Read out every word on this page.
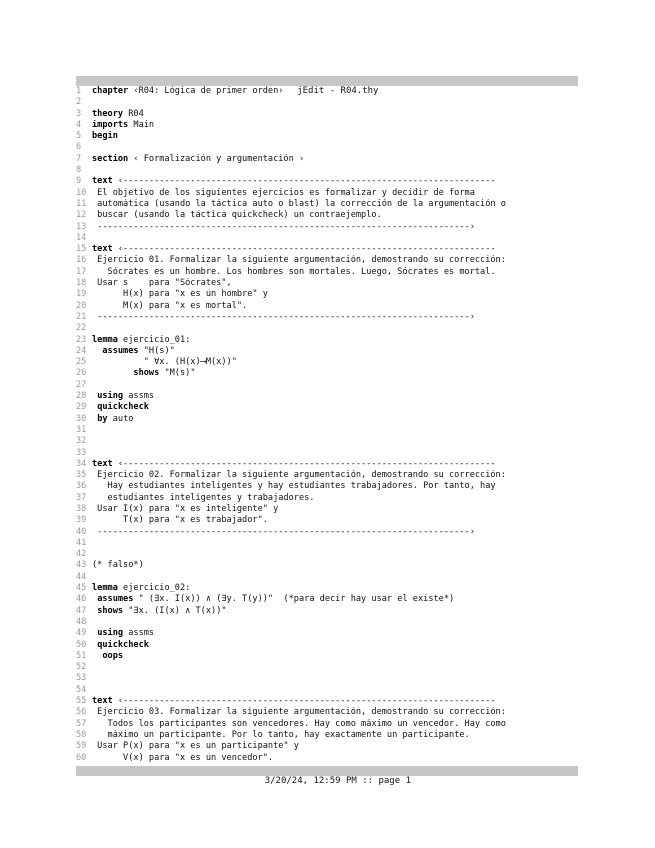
jEdit - R04.thy

1	chapter ‹R04: Lógica de primer orden›
2
3	theory R04
4	imports Main
5	begin
6
7	section ‹ Formalización y argumentación ›
8
9	text ‹------------------------------------------------------------------------
10 El objetivo de los siguientes ejercicios es formalizar y decidir de forma
11 automática (usando la táctica auto o blast) la corrección de la argumentación o
12 buscar (usando la táctica quickcheck) un contraejemplo.
13 ------------------------------------------------------------------------›
14
15 text ‹------------------------------------------------------------------------
16 Ejercicio 01. Formalizar la siguiente argumentación, demostrando su corrección:
17 Sócrates es un hombre. Los hombres son mortales. Luego, Sócrates es mortal.
18 Usar s    para "Sócrates",
19 H(x) para "x es un hombre" y
20 M(x) para "x es mortal".
21 ------------------------------------------------------------------------›
22
23 lemma ejercicio_01:
24	assumes "H(s)"
25 " ∀x. (H(x)⟶M(x))"
26	shows "M(s)"
27
28	using assms
29	quickcheck
30	by auto
31
32
33
34 text ‹------------------------------------------------------------------------
35 Ejercicio 02. Formalizar la siguiente argumentación, demostrando su corrección:
36 Hay estudiantes inteligentes y hay estudiantes trabajadores. Por tanto, hay
37 estudiantes inteligentes y trabajadores.
38 Usar I(x) para "x es inteligente" y
39 T(x) para "x es trabajador".
40 ------------------------------------------------------------------------›
41
42
43 (* falso*)
44
45 lemma ejercicio_02:
46	assumes " (∃x. I(x)) ∧ (∃y. T(y))"  (*para decir hay usar el existe*)
47	shows "∃x. (I(x) ∧ T(x))"
48
49	using assms
50	quickcheck
51	oops
52
53
54
55 text ‹------------------------------------------------------------------------
56 Ejercicio 03. Formalizar la siguiente argumentación, demostrando su corrección:
57 Todos los participantes son vencedores. Hay como máximo un vencedor. Hay como
58 máximo un participante. Por lo tanto, hay exactamente un participante.
59 Usar P(x) para "x es un participante" y
60 V(x) para "x es un vencedor".

3/20/24, 12:59 PM :: page 1
